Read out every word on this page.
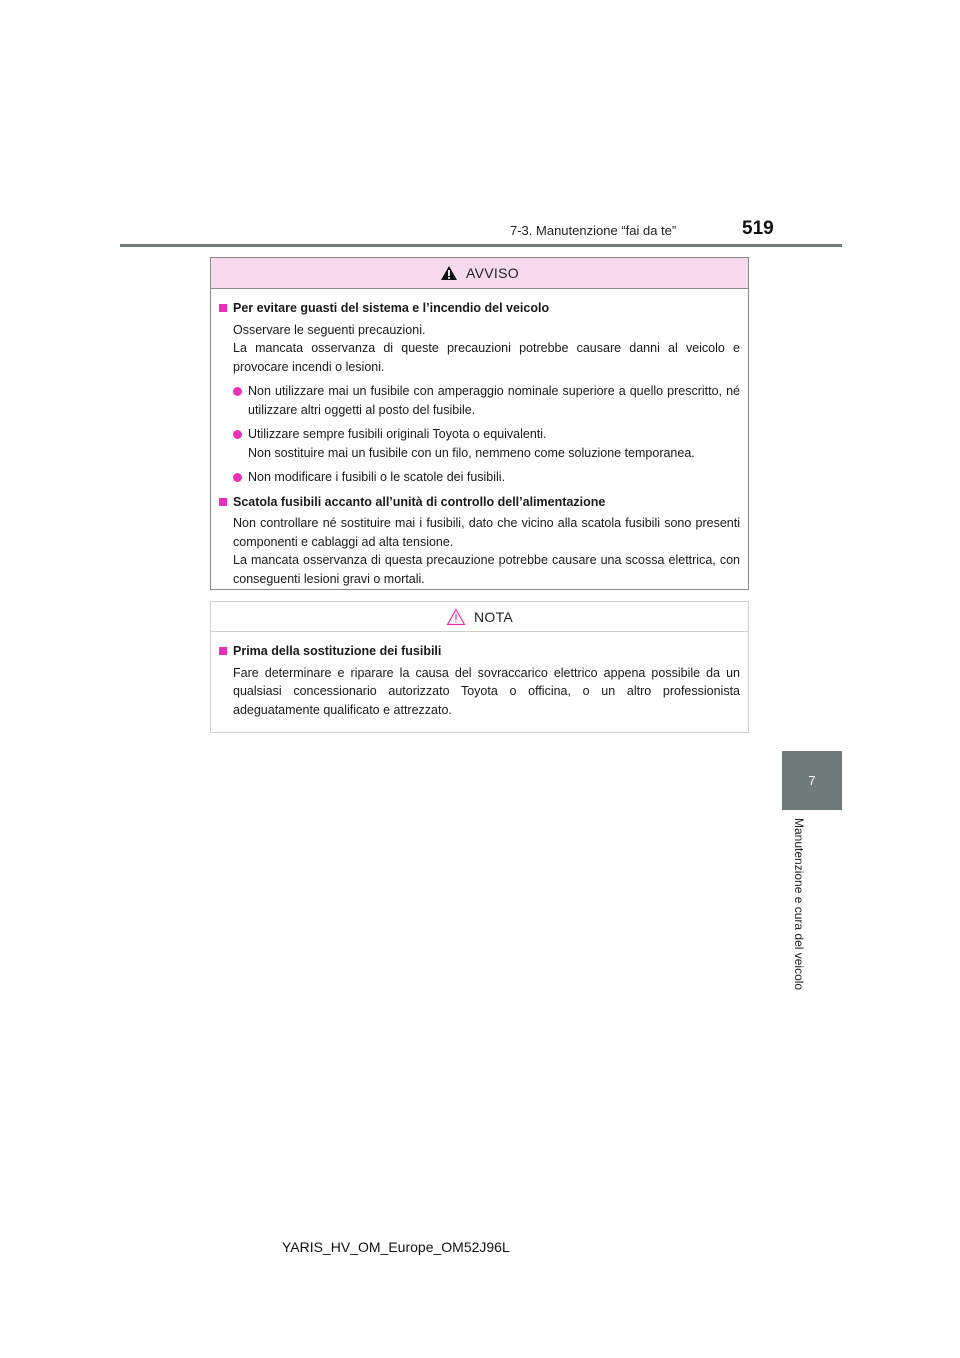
7-3. Manutenzione “fai da te”	519
7
Manutenzione e cura del veicolo
AVVISO
Per evitare guasti del sistema e l’incendio del veicolo
Osservare le seguenti precauzioni.
La mancata osservanza di queste precauzioni potrebbe causare danni al veicolo e provocare incendi o lesioni.
Non utilizzare mai un fusibile con amperaggio nominale superiore a quello prescritto, né utilizzare altri oggetti al posto del fusibile.
Utilizzare sempre fusibili originali Toyota o equivalenti.
Non sostituire mai un fusibile con un filo, nemmeno come soluzione temporanea.
Non modificare i fusibili o le scatole dei fusibili.
Scatola fusibili accanto all’unità di controllo dell’alimentazione
Non controllare né sostituire mai i fusibili, dato che vicino alla scatola fusibili sono presenti componenti e cablaggi ad alta tensione.
La mancata osservanza di questa precauzione potrebbe causare una scossa elettrica, con conseguenti lesioni gravi o mortali.
NOTA
Prima della sostituzione dei fusibili
Fare determinare e riparare la causa del sovraccarico elettrico appena possibile da un qualsiasi concessionario autorizzato Toyota o officina, o un altro professionista adeguatamente qualificato e attrezzato.
YARIS_HV_OM_Europe_OM52J96L
